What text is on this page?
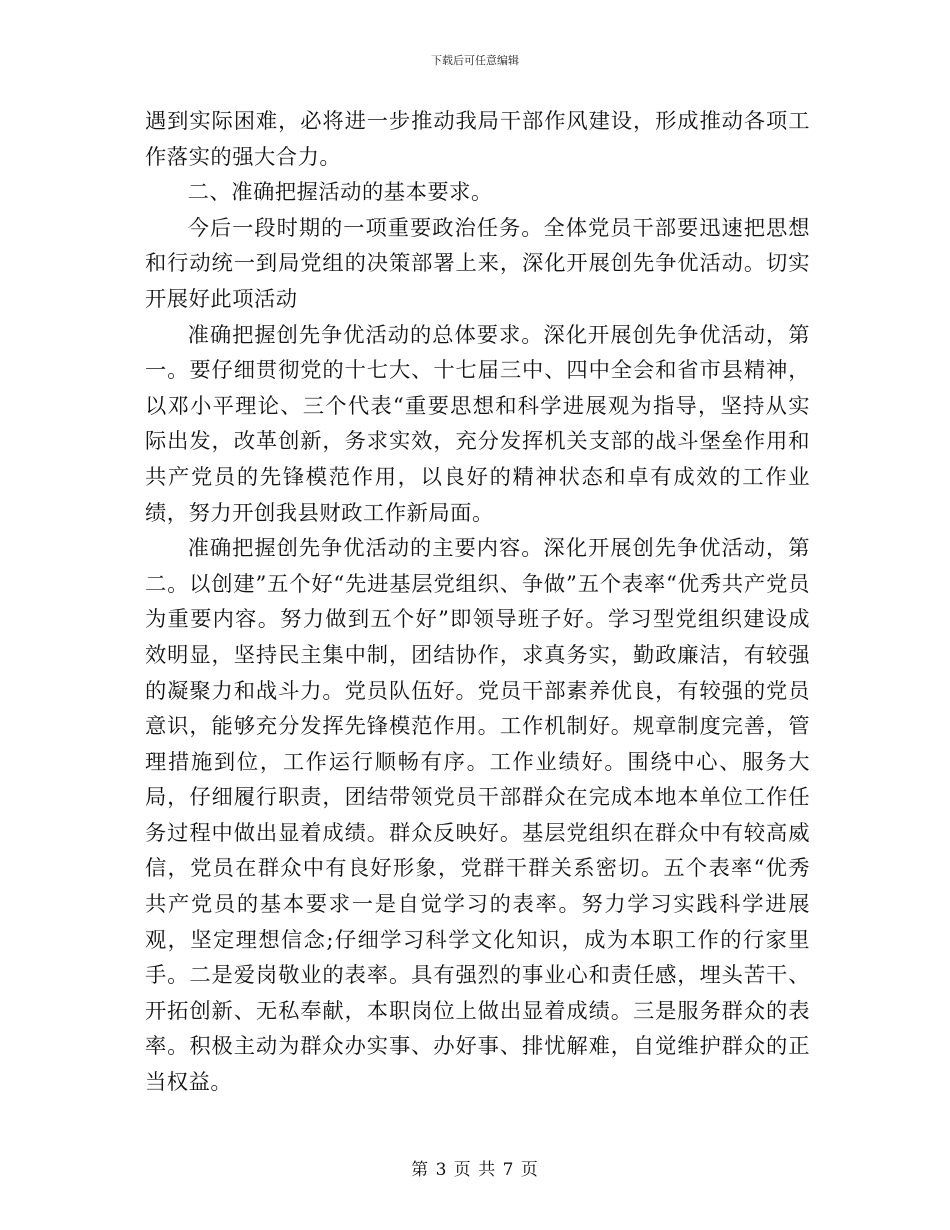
下载后可任意编辑

遇到实际困难，必将进一步推动我局干部作风建设，形成推动各项工作落实的强大合力。

二、准确把握活动的基本要求。

今后一段时期的一项重要政治任务。全体党员干部要迅速把思想和行动统一到局党组的决策部署上来，深化开展创先争优活动。切实开展好此项活动

准确把握创先争优活动的总体要求。深化开展创先争优活动，第一。要仔细贯彻党的十七大、十七届三中、四中全会和省市县精神，以邓小平理论、三个代表“重要思想和科学进展观为指导，坚持从实际出发，改革创新，务求实效，充分发挥机关支部的战斗堡垒作用和共产党员的先锋模范作用，以良好的精神状态和卓有成效的工作业绩，努力开创我县财政工作新局面。

准确把握创先争优活动的主要内容。深化开展创先争优活动，第二。以创建”五个好“先进基层党组织、争做”五个表率“优秀共产党员为重要内容。努力做到五个好”即领导班子好。学习型党组织建设成效明显，坚持民主集中制，团结协作，求真务实，勤政廉洁，有较强的凝聚力和战斗力。党员队伍好。党员干部素养优良，有较强的党员意识，能够充分发挥先锋模范作用。工作机制好。规章制度完善，管理措施到位，工作运行顺畅有序。工作业绩好。围绕中心、服务大局，仔细履行职责，团结带领党员干部群众在完成本地本单位工作任务过程中做出显着成绩。群众反映好。基层党组织在群众中有较高威信，党员在群众中有良好形象，党群干群关系密切。五个表率“优秀共产党员的基本要求一是自觉学习的表率。努力学习实践科学进展观，坚定理想信念;仔细学习科学文化知识，成为本职工作的行家里手。二是爱岗敬业的表率。具有强烈的事业心和责任感，埋头苦干、开拓创新、无私奉献，本职岗位上做出显着成绩。三是服务群众的表率。积极主动为群众办实事、办好事、排忧解难，自觉维护群众的正当权益。

第 3 页 共 7 页
